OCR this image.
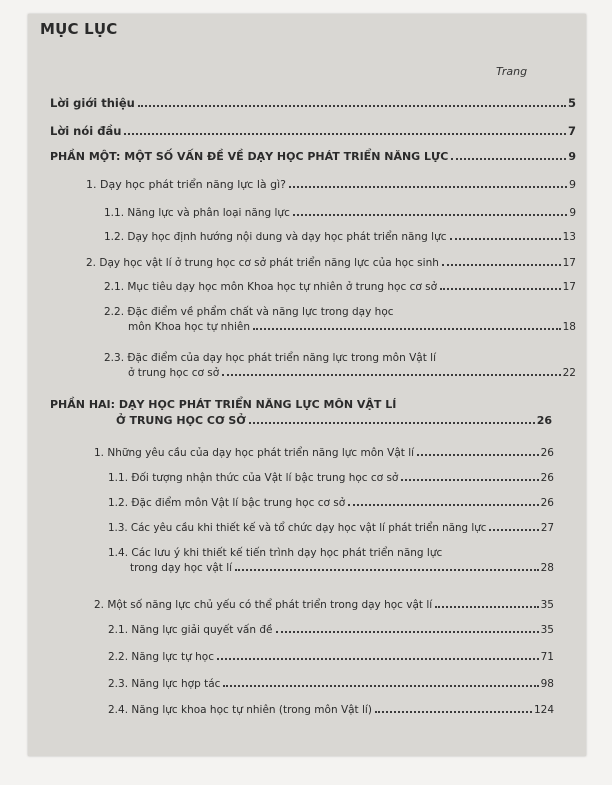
MỤC LỤC
Trang
Lời giới thiệu	5
Lời nói đầu	7
PHẦN MỘT: MỘT SỐ VẤN ĐỀ VỀ DẠY HỌC PHÁT TRIỂN NĂNG LỰC	9
1. Dạy học phát triển năng lực là gì?	9
1.1. Năng lực và phân loại năng lực	9
1.2. Dạy học định hướng nội dung và dạy học phát triển năng lực	13
2. Dạy học vật lí ở trung học cơ sở phát triển năng lực của học sinh	17
2.1. Mục tiêu dạy học môn Khoa học tự nhiên ở trung học cơ sở	17
2.2. Đặc điểm về phẩm chất và năng lực trong dạy học
môn Khoa học tự nhiên	18
2.3. Đặc điểm của dạy học phát triển năng lực trong môn Vật lí
ở trung học cơ sở	22
PHẦN HAI: DẠY HỌC PHÁT TRIỂN NĂNG LỰC MÔN VẬT LÍ
Ở TRUNG HỌC CƠ SỞ	26
1. Những yêu cầu của dạy học phát triển năng lực môn Vật lí	26
1.1. Đối tượng nhận thức của Vật lí bậc trung học cơ sở	26
1.2. Đặc điểm môn Vật lí bậc trung học cơ sở	26
1.3. Các yêu cầu khi thiết kế và tổ chức dạy học vật lí phát triển năng lực	27
1.4. Các lưu ý khi thiết kế tiến trình dạy học phát triển năng lực
trong dạy học vật lí	28
2. Một số năng lực chủ yếu có thể phát triển trong dạy học vật lí	35
2.1. Năng lực giải quyết vấn đề	35
2.2. Năng lực tự học	71
2.3. Năng lực hợp tác	98
2.4. Năng lực khoa học tự nhiên (trong môn Vật lí)	124
